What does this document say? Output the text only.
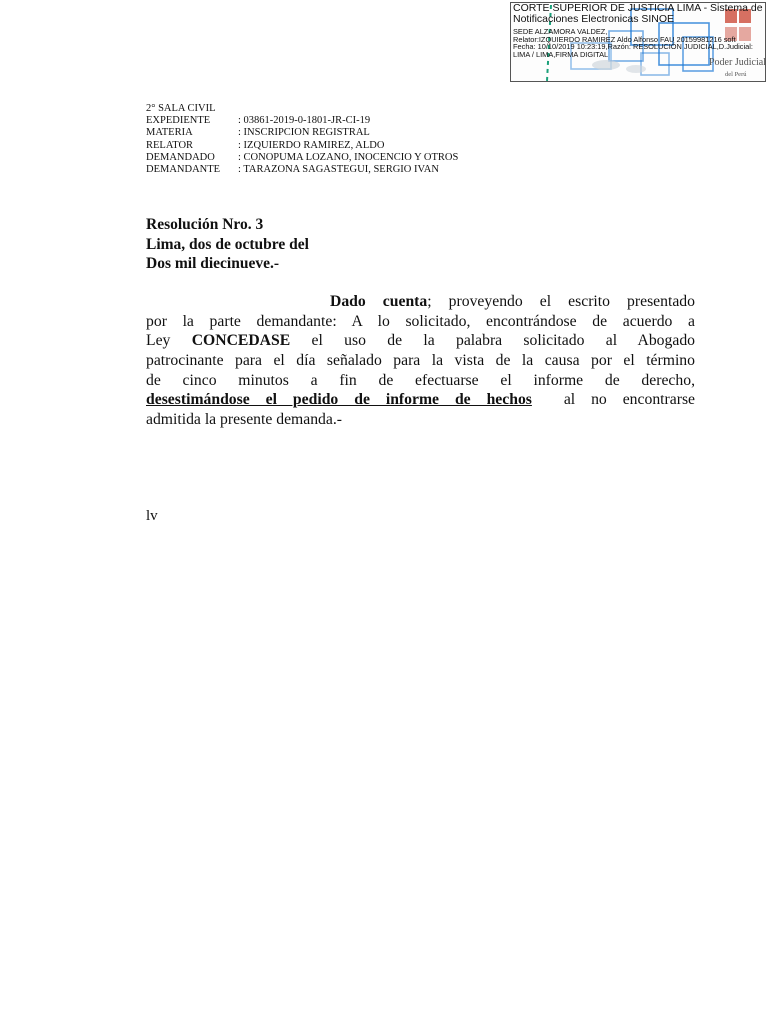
Poder Judicial
del Perú
CORTE SUPERIOR DE JUSTICIA LIMA - Sistema de
Notificaciones Electronicas SINOE
SEDE ALZAMORA VALDEZ,
Relator:IZQUIERDO RAMIREZ Aldo Alfonso FAU 20159981216 soft
Fecha: 10/10/2019 10:23:19,Razón: RESOLUCIÓN JUDICIAL,D.Judicial:
LIMA / LIMA,FIRMA DIGITAL
2° SALA CIVIL
EXPEDIENTE	: 03861-2019-0-1801-JR-CI-19
MATERIA	: INSCRIPCION REGISTRAL
RELATOR	: IZQUIERDO RAMIREZ, ALDO
DEMANDADO	: CONOPUMA LOZANO, INOCENCIO Y OTROS
DEMANDANTE	: TARAZONA SAGASTEGUI, SERGIO IVAN
Resolución Nro. 3
Lima, dos de octubre del
Dos mil diecinueve.-
Dado cuenta; proveyendo el escrito presentado
por la parte demandante: A lo solicitado, encontrándose de acuerdo a
Ley CONCEDASE el uso de la palabra solicitado al Abogado
patrocinante para el día señalado para la vista de la causa por el término
de cinco minutos a fin de efectuarse el informe de derecho,
desestimándose el pedido de informe de hechos al no encontrarse
admitida la presente demanda.-
lv
